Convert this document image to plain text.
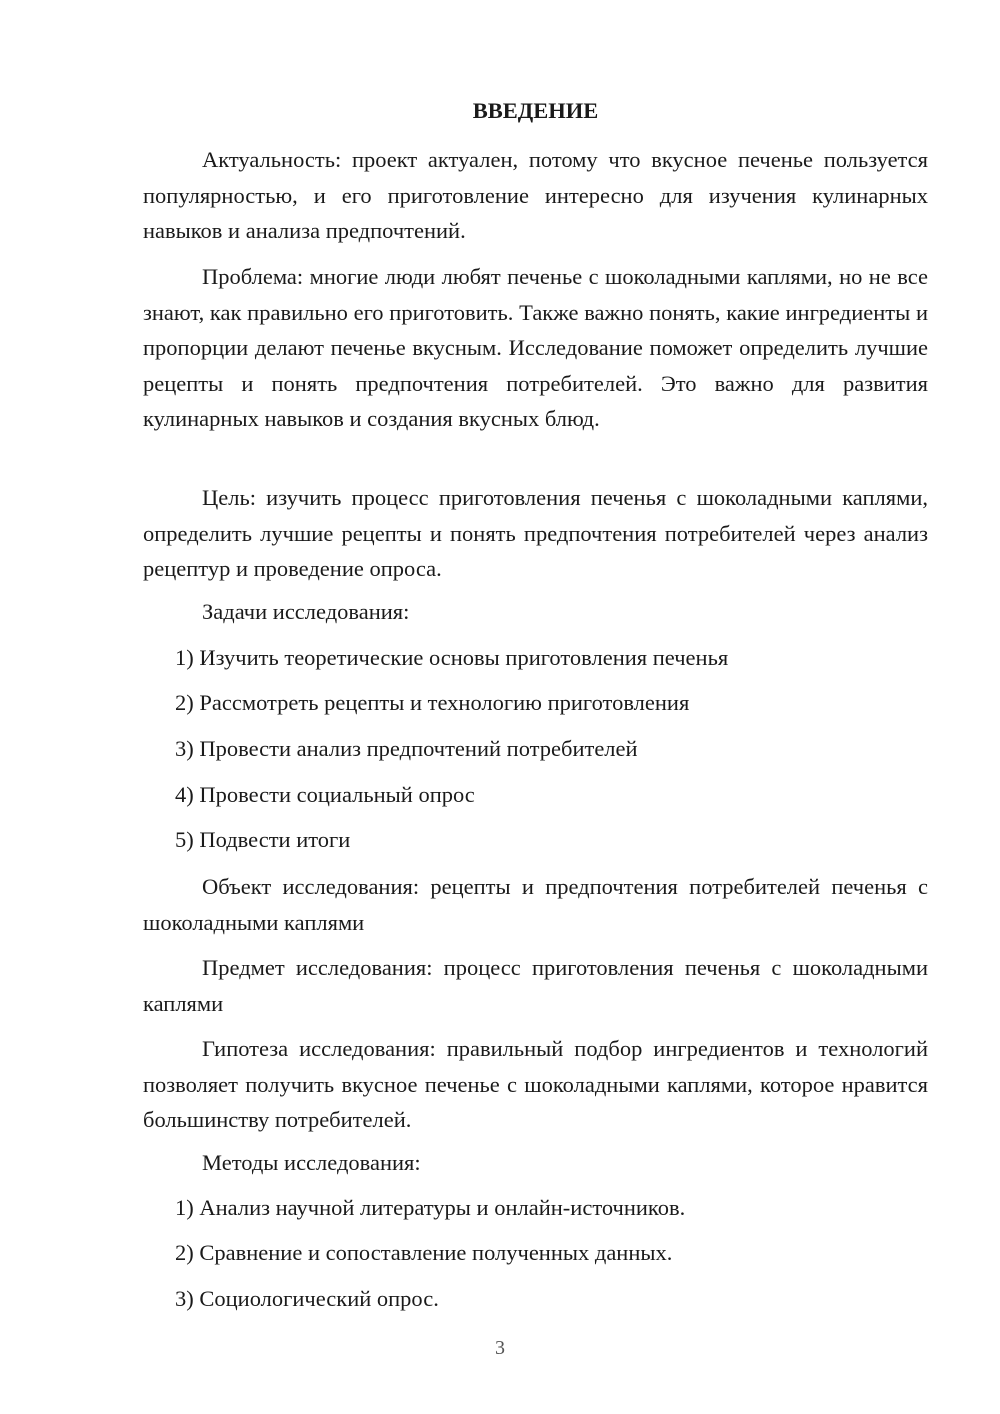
ВВЕДЕНИЕ

Актуальность: проект актуален, потому что вкусное печенье пользуется популярностью, и его приготовление интересно для изучения кулинарных навыков и анализа предпочтений.

Проблема: многие люди любят печенье с шоколадными каплями, но не все знают, как правильно его приготовить. Также важно понять, какие ингредиенты и пропорции делают печенье вкусным. Исследование поможет определить лучшие рецепты и понять предпочтения потребителей. Это важно для развития кулинарных навыков и создания вкусных блюд.

Цель: изучить процесс приготовления печенья с шоколадными каплями, определить лучшие рецепты и понять предпочтения потребителей через анализ рецептур и проведение опроса.

Задачи исследования:

1) Изучить теоретические основы приготовления печенья

2) Рассмотреть рецепты и технологию приготовления

3) Провести анализ предпочтений потребителей

4) Провести социальный опрос

5) Подвести итоги

Объект исследования: рецепты и предпочтения потребителей печенья с шоколадными каплями

Предмет исследования: процесс приготовления печенья с шоколадными каплями

Гипотеза исследования: правильный подбор ингредиентов и технологий позволяет получить вкусное печенье с шоколадными каплями, которое нравится большинству потребителей.

Методы исследования:

1) Анализ научной литературы и онлайн-источников.

2) Сравнение и сопоставление полученных данных.

3) Социологический опрос.

3
